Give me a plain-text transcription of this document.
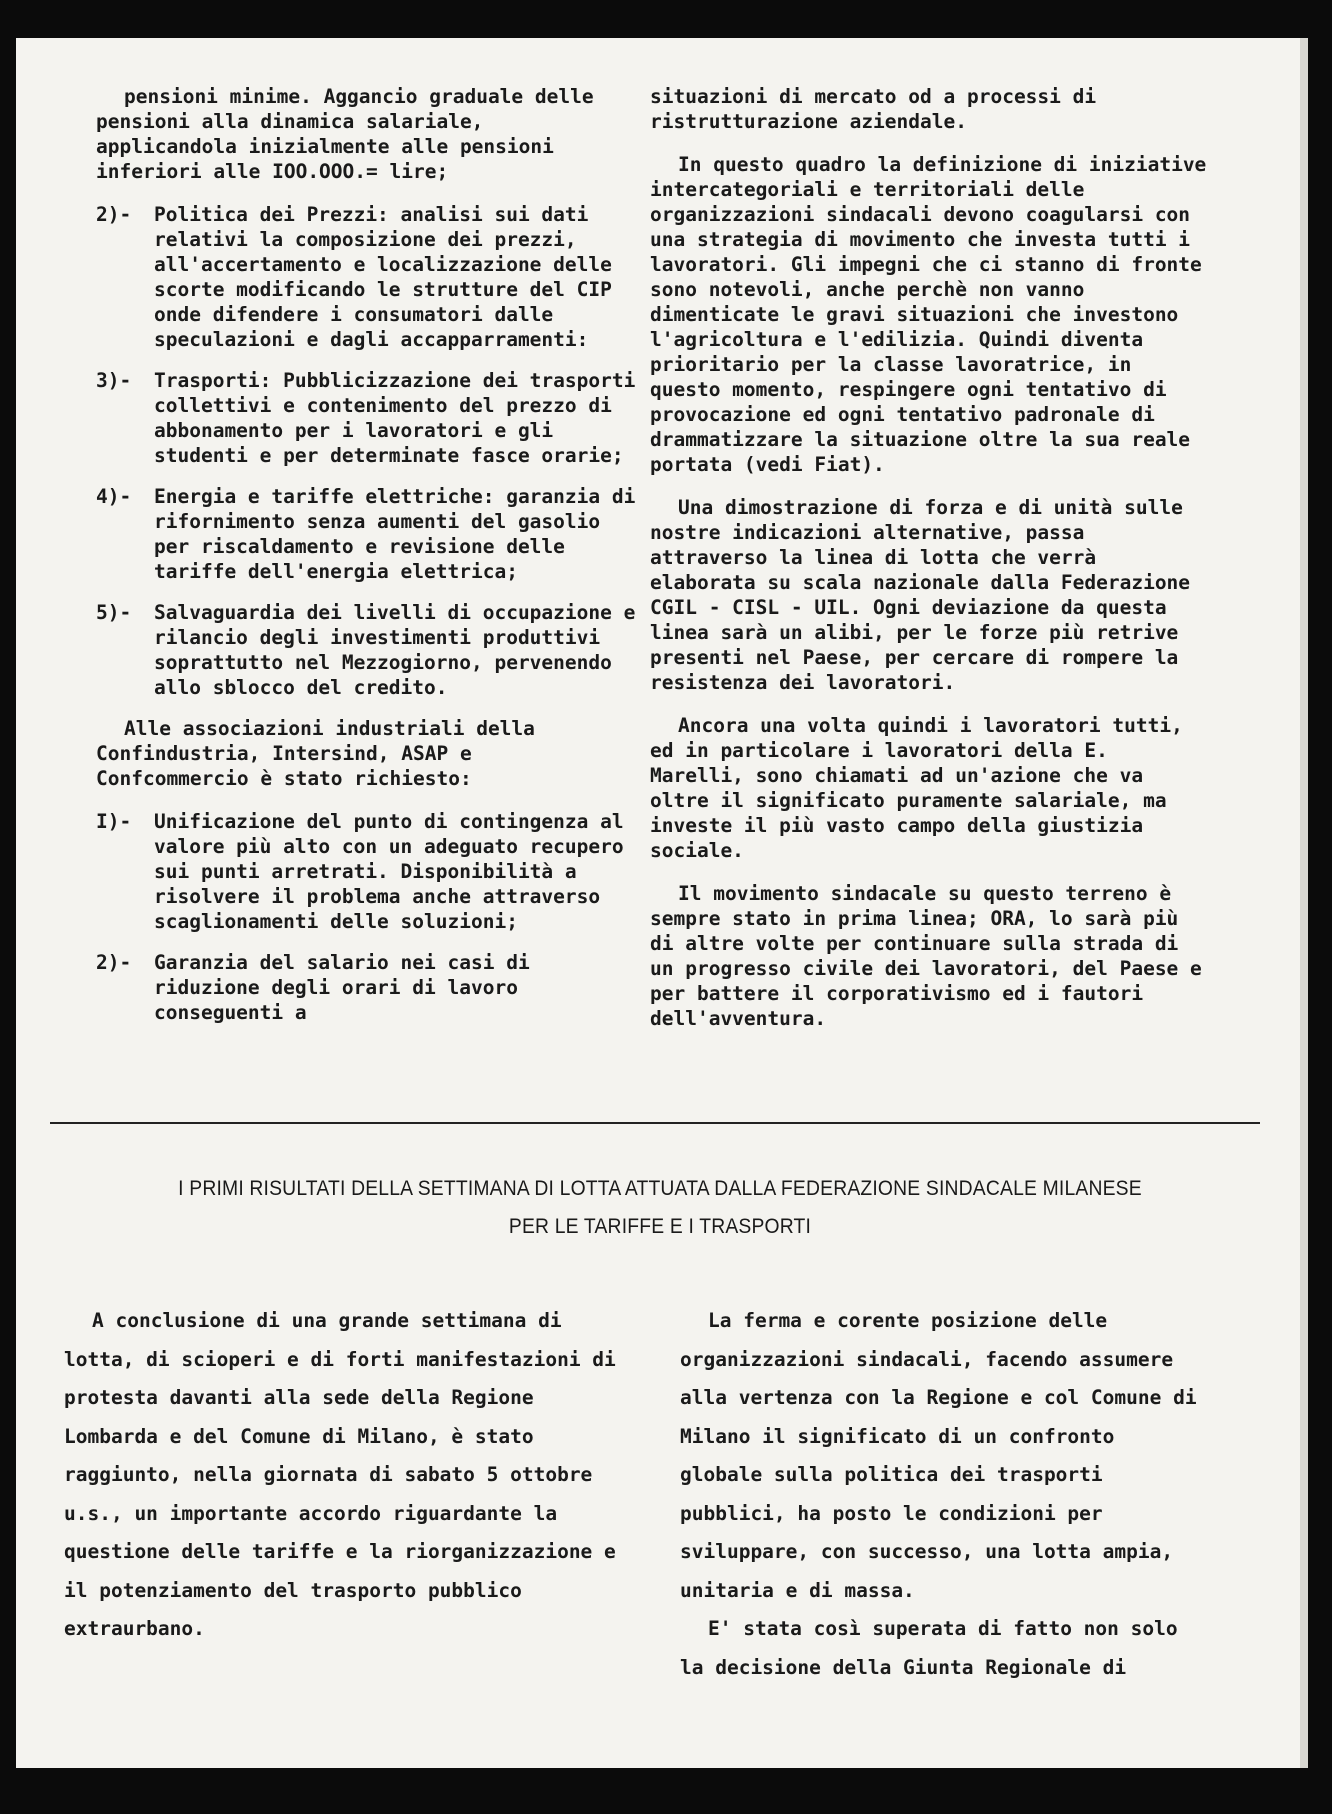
pensioni minime. Aggancio graduale delle pensioni alla dinamica salariale, applicandola inizialmente alle pensioni inferiori alle IOO.OOO.= lire;

2)-	Politica dei Prezzi: analisi sui dati relativi la composizione dei prezzi, all'accertamento e localizzazione delle scorte modificando le strutture del CIP onde difendere i consumatori dalle speculazioni e dagli accapparramenti:
3)-	Trasporti: Pubblicizzazione dei trasporti collettivi e contenimento del prezzo di abbonamento per i lavoratori e gli studenti e per determinate fasce orarie;
4)-	Energia e tariffe elettriche: garanzia di rifornimento senza aumenti del gasolio per riscaldamento e revisione delle tariffe dell'energia elettrica;
5)-	Salvaguardia dei livelli di occupazione e rilancio degli investimenti produttivi soprattutto nel Mezzogiorno, pervenendo allo sblocco del credito.

Alle associazioni industriali della Confindustria, Intersind, ASAP e Confcommercio è stato richiesto:

I)-	Unificazione del punto di contingenza al valore più alto con un adeguato recupero sui punti arretrati. Disponibilità a risolvere il problema anche attraverso scaglionamenti delle soluzioni;
2)-	Garanzia del salario nei casi di riduzione degli orari di lavoro conseguenti a

situazioni di mercato od a processi di ristrutturazione aziendale.

In questo quadro la definizione di iniziative intercategoriali e territoriali delle organizzazioni sindacali devono coagularsi con una strategia di movimento che investa tutti i lavoratori. Gli impegni che ci stanno di fronte sono notevoli, anche perchè non vanno dimenticate le gravi situazioni che investono l'agricoltura e l'edilizia. Quindi diventa prioritario per la classe lavoratrice, in questo momento, respingere ogni tentativo di provocazione ed ogni tentativo padronale di drammatizzare la situazione oltre la sua reale portata (vedi Fiat).

Una dimostrazione di forza e di unità sulle nostre indicazioni alternative, passa attraverso la linea di lotta che verrà elaborata su scala nazionale dalla Federazione CGIL - CISL - UIL. Ogni deviazione da questa linea sarà un alibi, per le forze più retrive presenti nel Paese, per cercare di rompere la resistenza dei lavoratori.

Ancora una volta quindi i lavoratori tutti, ed in particolare i lavoratori della E. Marelli, sono chiamati ad un'azione che va oltre il significato puramente salariale, ma investe il più vasto campo della giustizia sociale.

Il movimento sindacale su questo terreno è sempre stato in prima linea; ORA, lo sarà più di altre volte per continuare sulla strada di un progresso civile dei lavoratori, del Paese e per battere il corporativismo ed i fautori dell'avventura.

I PRIMI RISULTATI DELLA SETTIMANA DI LOTTA ATTUATA DALLA FEDERAZIONE SINDACALE MILANESE
PER LE TARIFFE E I TRASPORTI

A conclusione di una grande settimana di lotta, di scioperi e di forti manifestazioni di protesta davanti alla sede della Regione Lombarda e del Comune di Milano, è stato raggiunto, nella giornata di sabato 5 ottobre u.s., un importante accordo riguardante la questione delle tariffe e la riorganizzazione e il potenziamento del trasporto pubblico extraurbano.

La ferma e corente posizione delle organizzazioni sindacali, facendo assumere alla vertenza con la Regione e col Comune di Milano il significato di un confronto globale sulla politica dei trasporti pubblici, ha posto le condizioni per sviluppare, con successo, una lotta ampia, unitaria e di massa.

E' stata così superata di fatto non solo la decisione della Giunta Regionale di
